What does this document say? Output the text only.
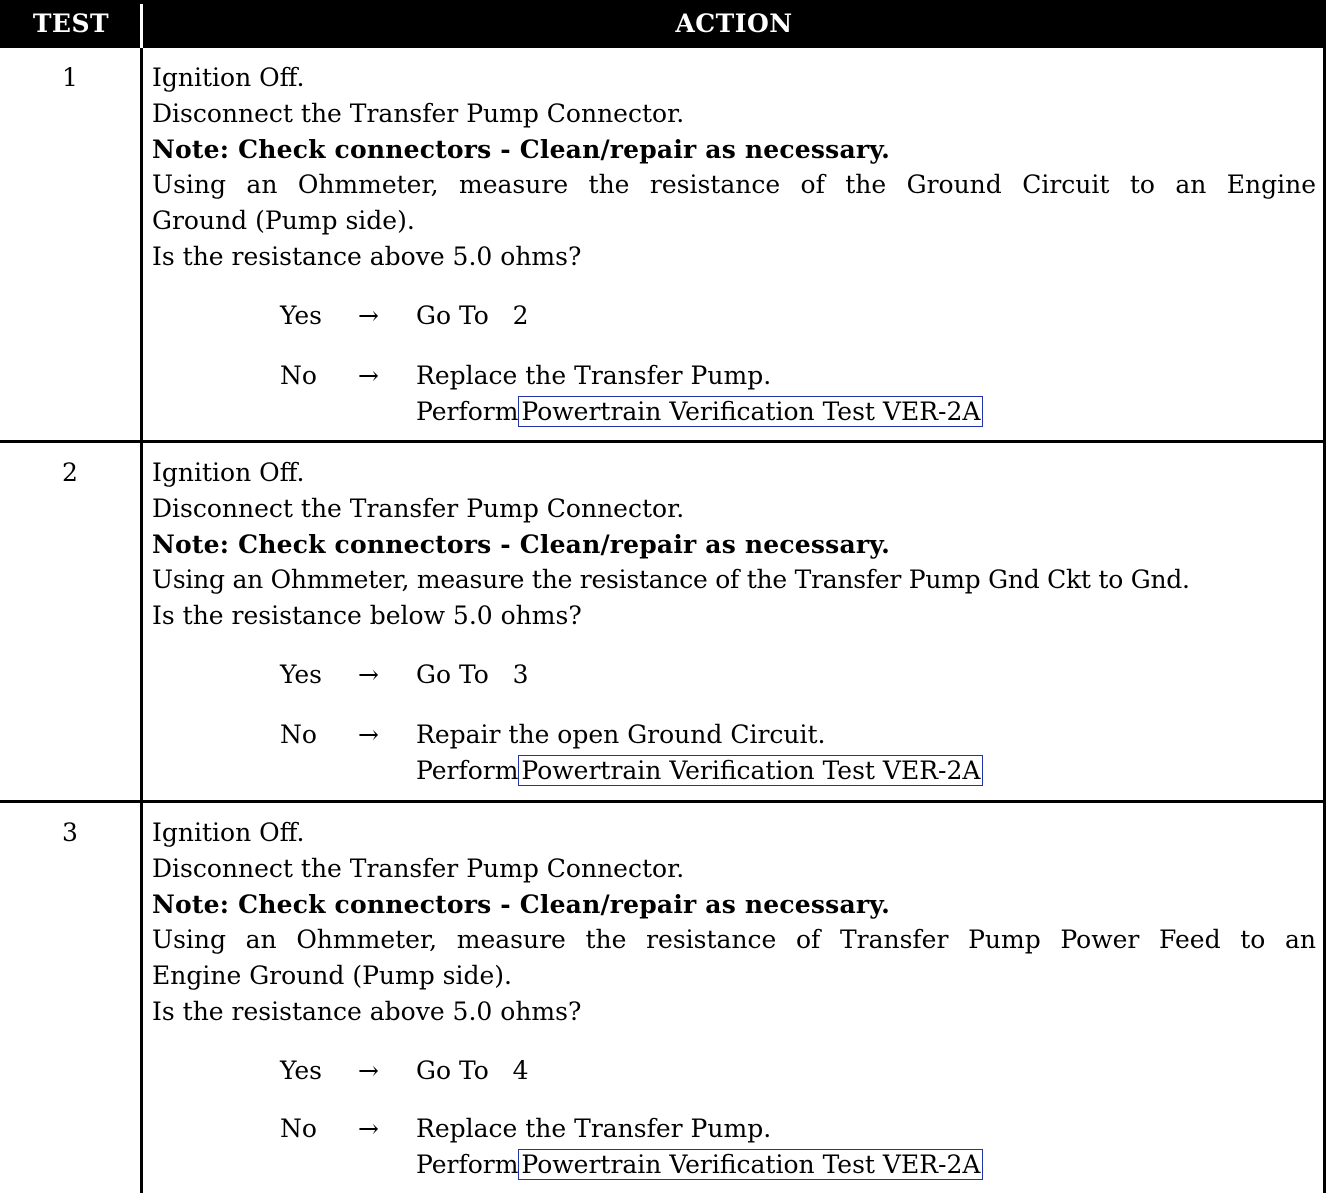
TEST	ACTION
1	Ignition Off.
Disconnect the Transfer Pump Connector.
Note: Check connectors - Clean/repair as necessary.
Using an Ohmmeter, measure the resistance of the Ground Circuit to an Engine
Ground (Pump side).
Is the resistance above 5.0 ohms?
Yes → Go To   2
No → Replace the Transfer Pump.
Perform Powertrain Verification Test VER-2A
2	Ignition Off.
Disconnect the Transfer Pump Connector.
Note: Check connectors - Clean/repair as necessary.
Using an Ohmmeter, measure the resistance of the Transfer Pump Gnd Ckt to Gnd.
Is the resistance below 5.0 ohms?
Yes → Go To   3
No → Repair the open Ground Circuit.
Perform Powertrain Verification Test VER-2A
3	Ignition Off.
Disconnect the Transfer Pump Connector.
Note: Check connectors - Clean/repair as necessary.
Using an Ohmmeter, measure the resistance of Transfer Pump Power Feed to an
Engine Ground (Pump side).
Is the resistance above 5.0 ohms?
Yes → Go To   4
No → Replace the Transfer Pump.
Perform Powertrain Verification Test VER-2A
